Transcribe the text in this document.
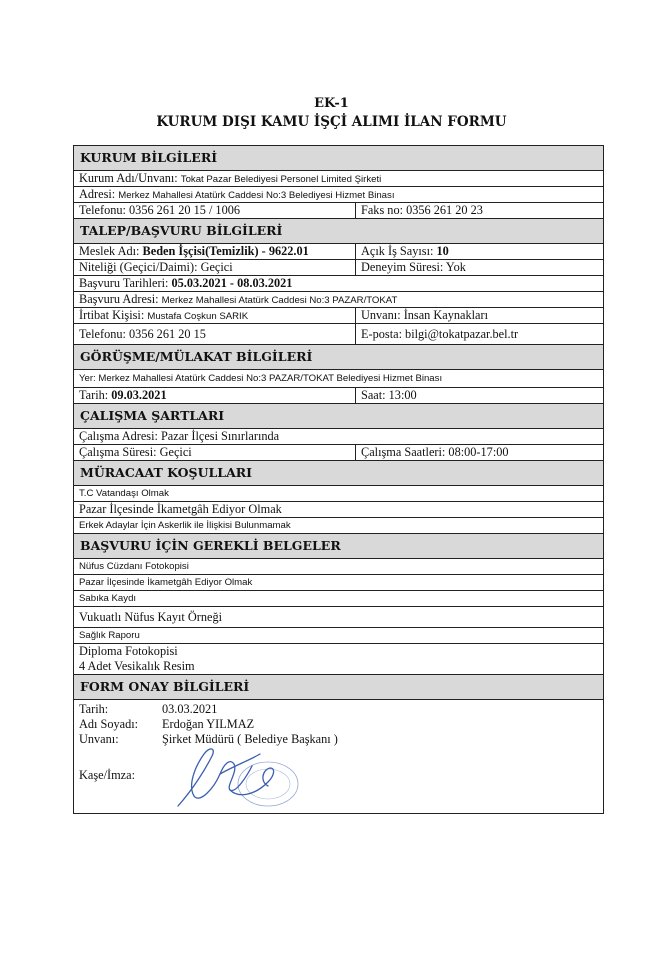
EK-1
KURUM DIŞI KAMU İŞÇİ ALIMI İLAN FORMU
KURUM BİLGİLERİ
Kurum Adı/Unvanı: Tokat Pazar Belediyesi Personel Limited Şirketi
Adresi: Merkez Mahallesi Atatürk Caddesi No:3 Belediyesi Hizmet Binası
Telefonu: 0356 261 20 15 / 1006	Faks no: 0356 261 20 23
TALEP/BAŞVURU BİLGİLERİ
Meslek Adı: Beden İşçisi(Temizlik) - 9622.01	Açık İş Sayısı: 10
Niteliği (Geçici/Daimi): Geçici	Deneyim Süresi: Yok
Başvuru Tarihleri: 05.03.2021 - 08.03.2021
Başvuru Adresi: Merkez Mahallesi Atatürk Caddesi No:3 PAZAR/TOKAT
İrtibat Kişisi: Mustafa Coşkun SARIK	Unvanı: İnsan Kaynakları
Telefonu: 0356 261 20 15	E-posta: bilgi@tokatpazar.bel.tr
GÖRÜŞME/MÜLAKAT BİLGİLERİ
Yer: Merkez Mahallesi Atatürk Caddesi No:3 PAZAR/TOKAT Belediyesi Hizmet Binası
Tarih: 09.03.2021	Saat: 13:00
ÇALIŞMA ŞARTLARI
Çalışma Adresi: Pazar İlçesi Sınırlarında
Çalışma Süresi: Geçici	Çalışma Saatleri: 08:00-17:00
MÜRACAAT KOŞULLARI
T.C Vatandaşı Olmak
Pazar İlçesinde İkametgâh Ediyor Olmak
Erkek Adaylar İçin Askerlik ile İlişkisi Bulunmamak
BAŞVURU İÇİN GEREKLİ BELGELER
Nüfus Cüzdanı Fotokopisi
Pazar İlçesinde İkametgâh Ediyor Olmak
Sabıka Kaydı
Vukuatlı Nüfus Kayıt Örneği
Sağlık Raporu
Diploma Fotokopisi
4 Adet Vesikalık Resim
FORM ONAY BİLGİLERİ
Tarih:	03.03.2021
Adı Soyadı:	Erdoğan YILMAZ
Unvanı:	Şirket Müdürü ( Belediye Başkanı )
Kaşe/İmza:
